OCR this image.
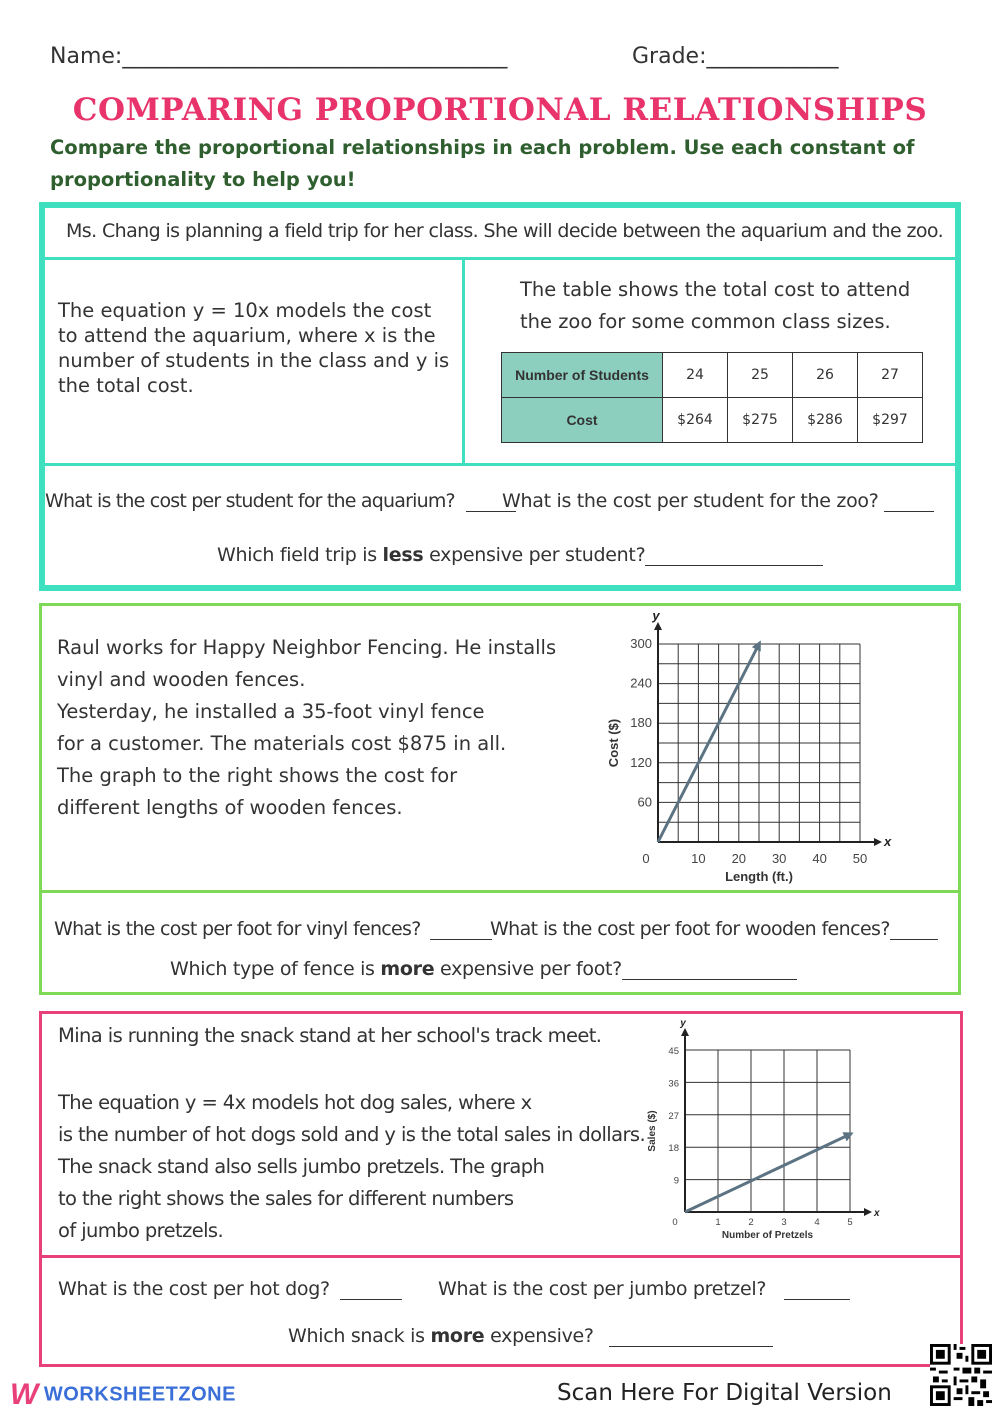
Name:___________________________________	Grade:____________
COMPARING PROPORTIONAL RELATIONSHIPS
Compare the proportional relationships in each problem. Use each constant of proportionality to help you!
Ms. Chang is planning a field trip for her class. She will decide between the aquarium and the zoo.
The equation y = 10x models the cost to attend the aquarium, where x is the number of students in the class and y is the total cost.
The table shows the total cost to attend the zoo for some common class sizes.
Number of Students	24	25	26	27
Cost	$264	$275	$286	$297
What is the cost per student for the aquarium?	What is the cost per student for the zoo?
Which field trip is less expensive per student?
Raul works for Happy Neighbor Fencing. He installs
vinyl and wooden fences.
Yesterday, he installed a 35-foot vinyl fence
for a customer. The materials cost $875 in all.
The graph to the right shows the cost for
different lengths of wooden fences.
x
y
0	10 20 30 40 50
60
120
180
240
300
Length (ft.)
Cost ($)
What is the cost per foot for vinyl fences?	What is the cost per foot for wooden fences?
Which type of fence is more expensive per foot?
Mina is running the snack stand at her school's track meet.
The equation y = 4x models hot dog sales, where x
is the number of hot dogs sold and y is the total sales in dollars.
The snack stand also sells jumbo pretzels. The graph
to the right shows the sales for different numbers
of jumbo pretzels.
x
y
0	1	2	3	4	5
9
18
27
36
45
Number of Pretzels
Sales ($)
What is the cost per hot dog?	What is the cost per jumbo pretzel?
Which snack is more expensive?
W WORKSHEETZONE	Scan Here For Digital Version
